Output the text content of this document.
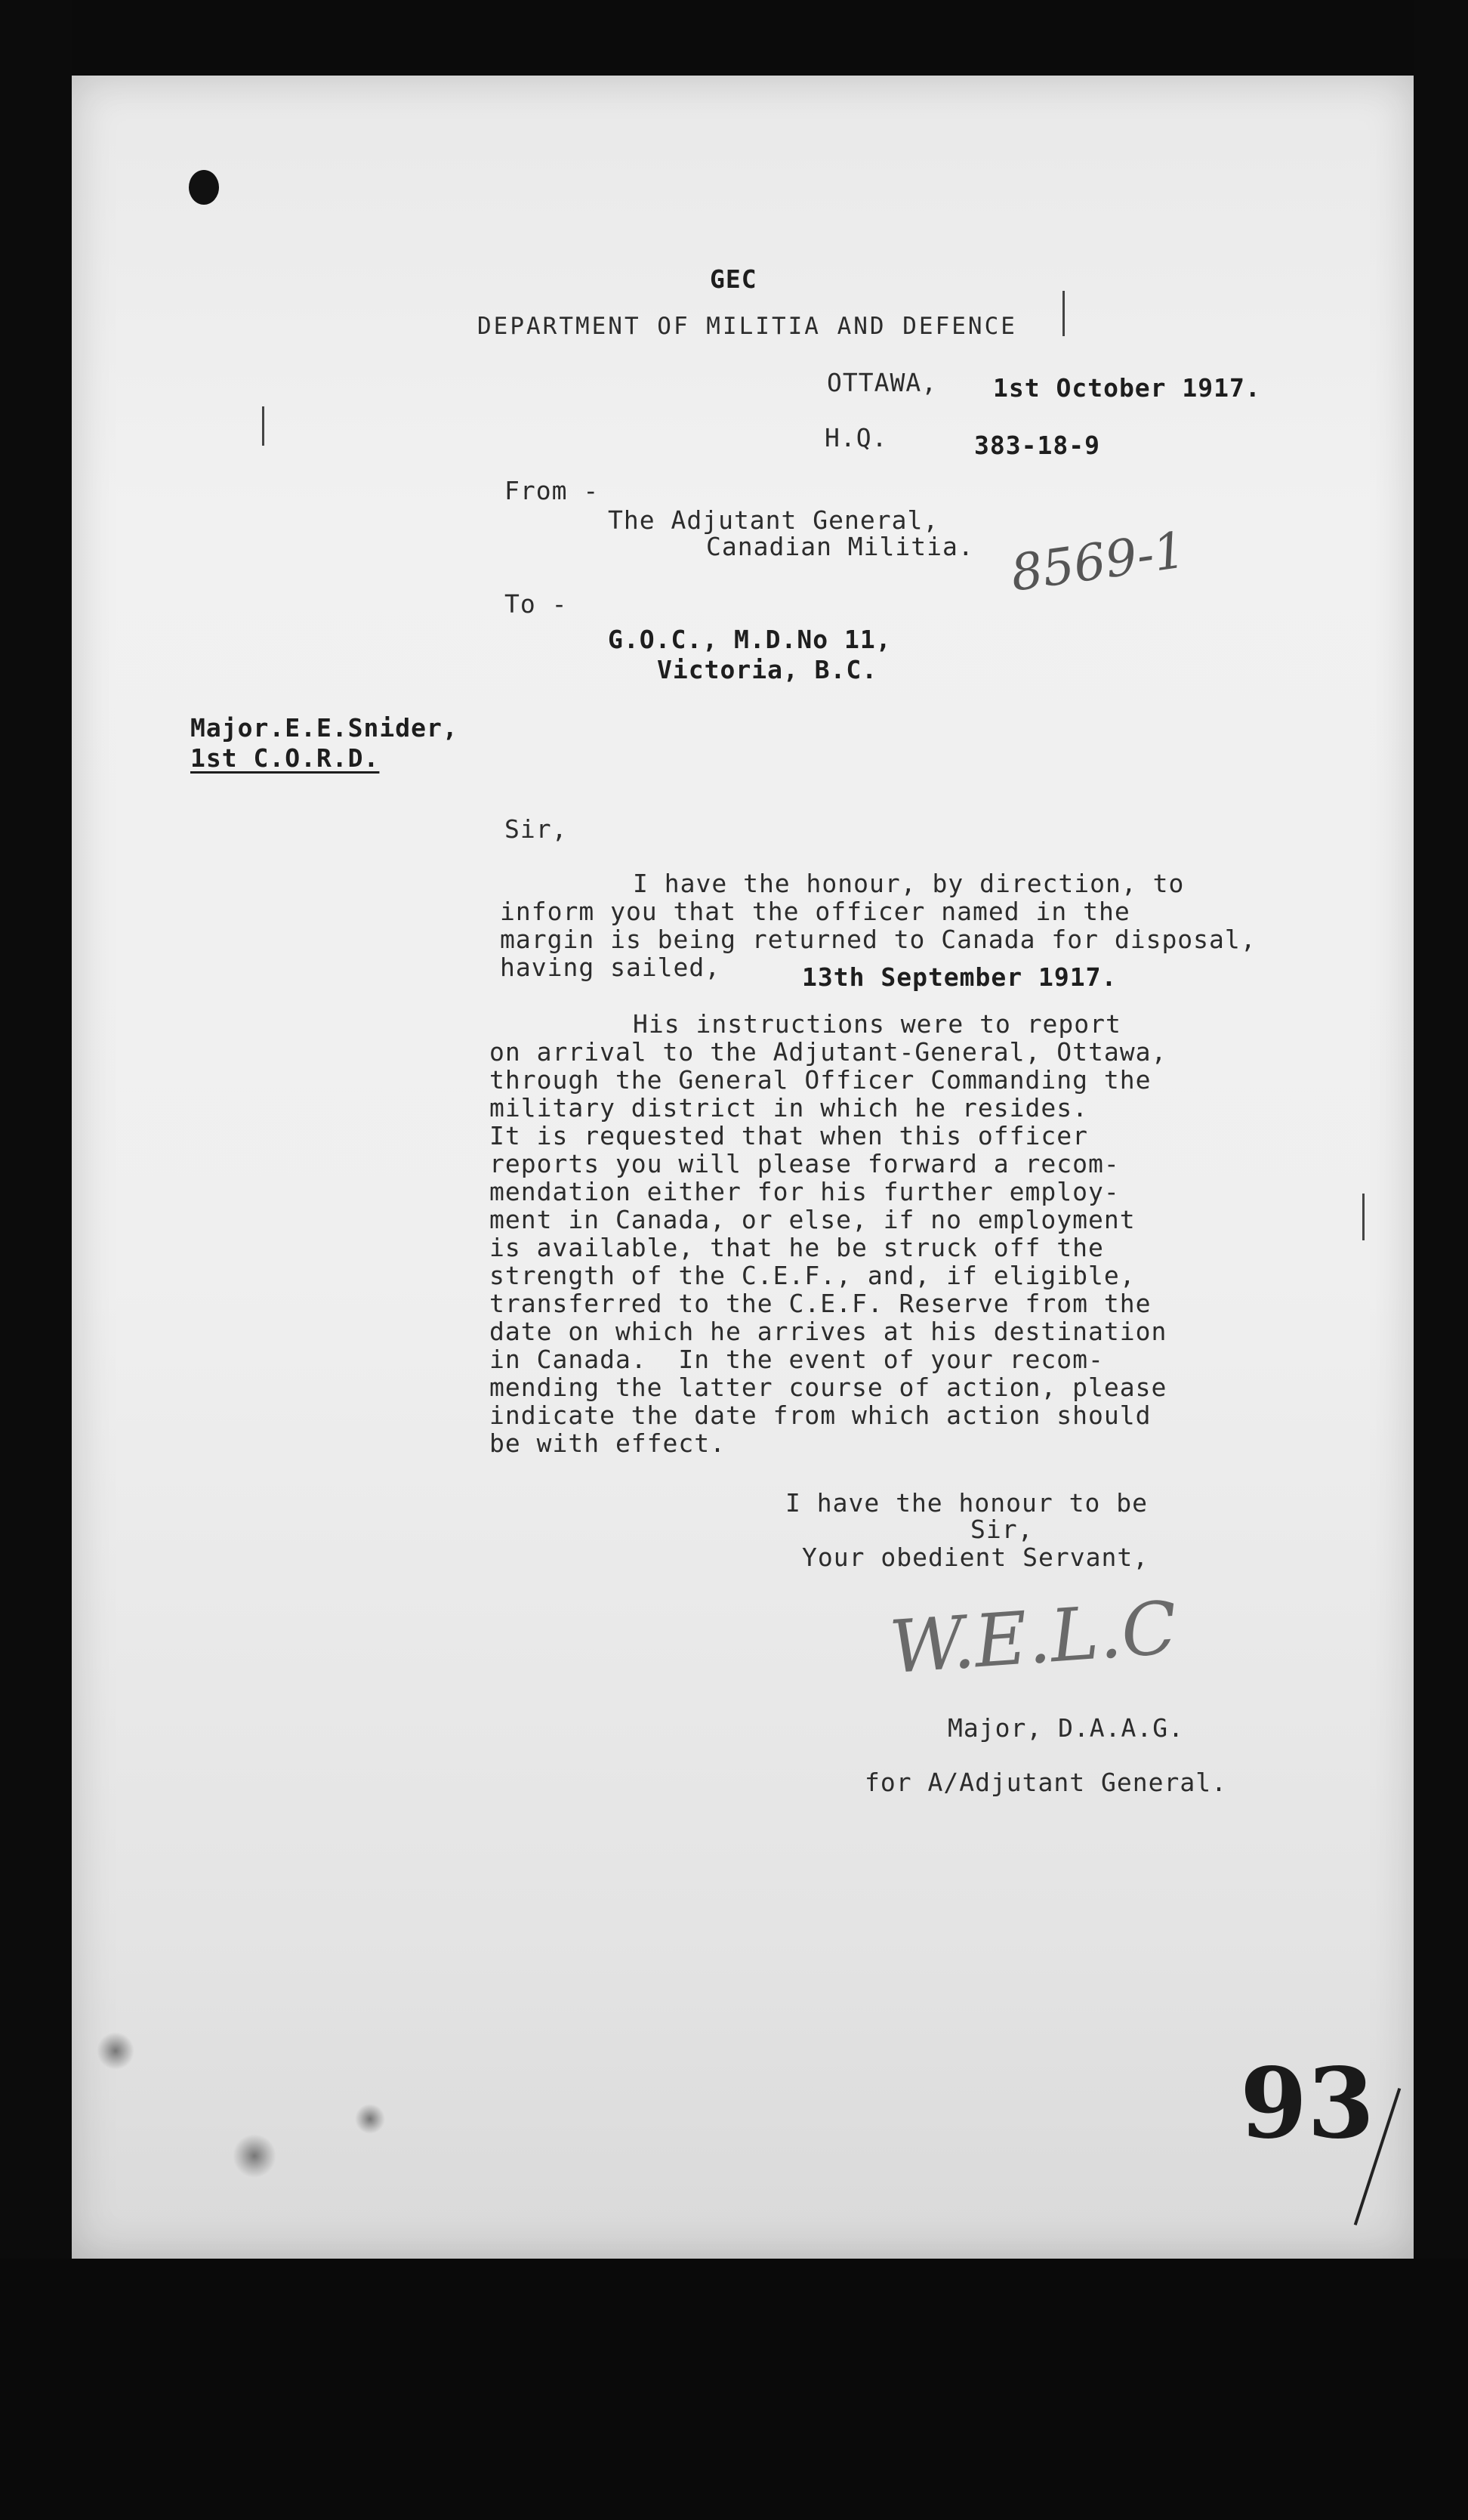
GEC
DEPARTMENT OF MILITIA AND DEFENCE
OTTAWA, 1st October 1917.
H.Q.	383-18-9
From -
The Adjutant General,
Canadian Militia. 8569-1
To -
G.O.C., M.D.No 11,
Victoria, B.C.
Major.E.E.Snider,
1st C.O.R.D.
Sir,
I have the honour, by direction, to
inform you that the officer named in the
margin is being returned to Canada for disposal,
having sailed,	13th September 1917.
His instructions were to report
on arrival to the Adjutant-General, Ottawa,
through the General Officer Commanding the
military district in which he resides.
It is requested that when this officer
reports you will please forward a recom-
mendation either for his further employ-
ment in Canada, or else, if no employment
is available, that he be struck off the
strength of the C.E.F., and, if eligible,
transferred to the C.E.F. Reserve from the
date on which he arrives at his destination
in Canada.  In the event of your recom-
mending the latter course of action, please
indicate the date from which action should
be with effect.
I have the honour to be
Sir,
Your obedient Servant,
W.E.L.C
Major, D.A.A.G.
for A/Adjutant General.
93
